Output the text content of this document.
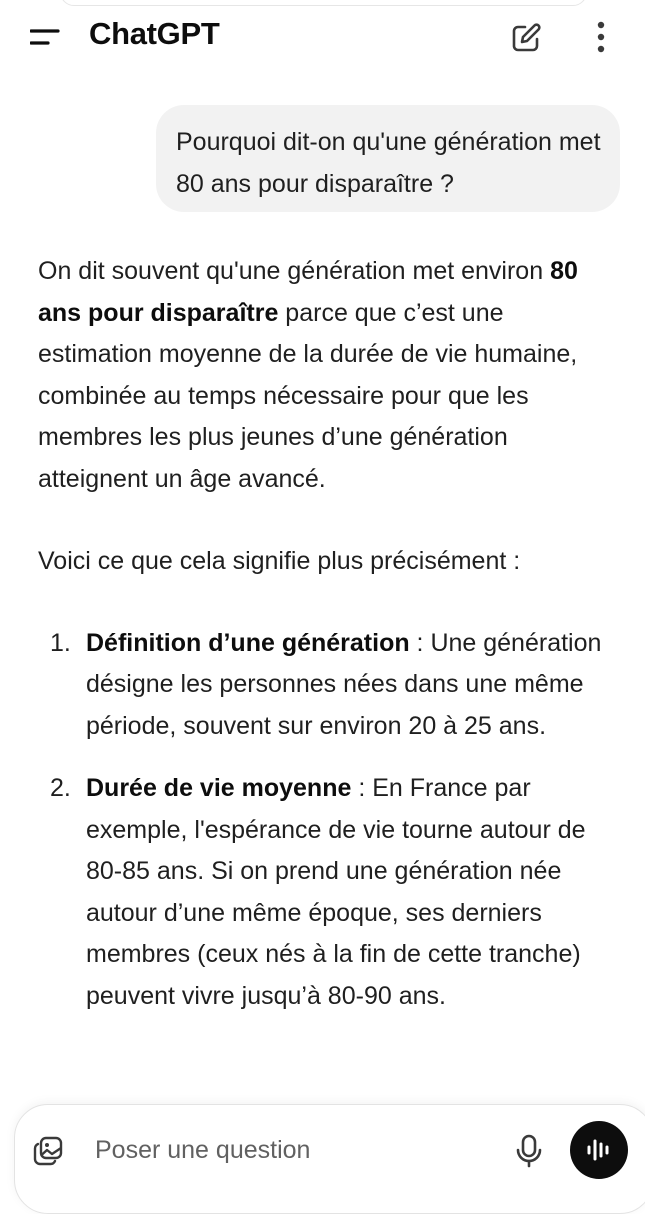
ChatGPT
Pourquoi dit-on qu'une génération met 80 ans pour disparaître ?

On dit souvent qu'une génération met environ 80 ans pour disparaître parce que c’est une estimation moyenne de la durée de vie humaine, combinée au temps nécessaire pour que les membres les plus jeunes d’une génération atteignent un âge avancé.

Voici ce que cela signifie plus précisément :

1. Définition d’une génération : Une génération désigne les personnes nées dans une même période, souvent sur environ 20 à 25 ans.
2. Durée de vie moyenne : En France par exemple, l'espérance de vie tourne autour de 80-85 ans. Si on prend une génération née autour d’une même époque, ses derniers membres (ceux nés à la fin de cette tranche) peuvent vivre jusqu’à 80-90 ans.
Poser une question
